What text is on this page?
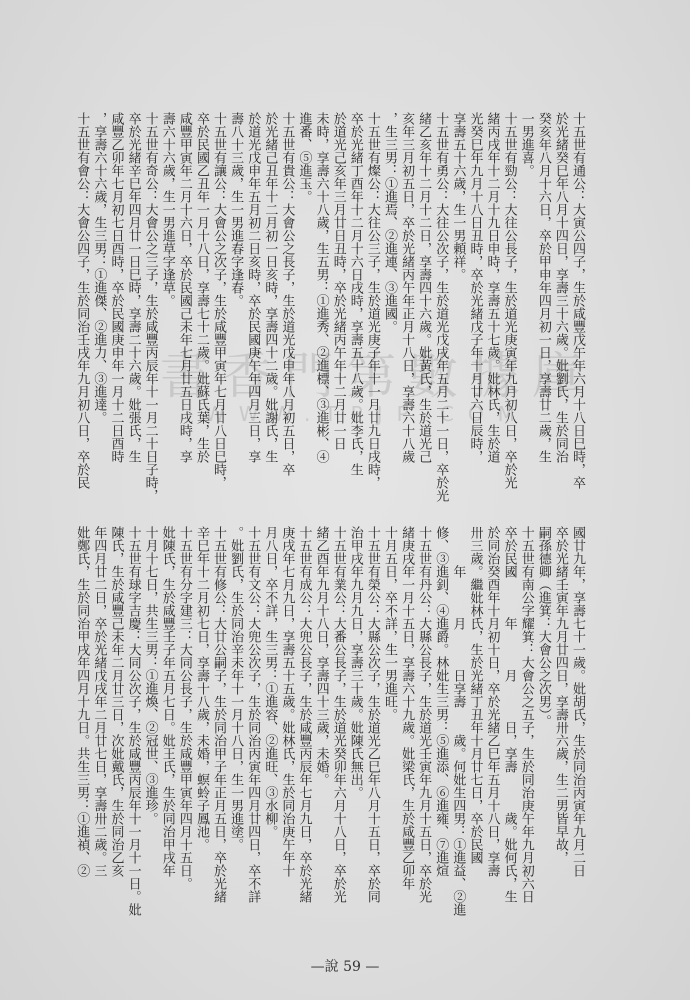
書香門第數據庫
WWW.TPJP.COM	十五世有通公：大寅公四子，生於咸豐戊午年六月十八日巳時，卒
於光緒癸巳年八月十四日，享壽三十六歲。妣劉氏，生於同治
癸亥年八月十六日，卒於甲申年四月初一日，享壽廿二歲，生
一男進喜。
十五世有勁公：大往公長子，生於道光庚寅年九月初八日，卒於光
緒丙戌年十二月十九日申時，享壽五十七歲。妣林氏，生於道
光癸巳年九月十八日丑時，卒於光緒戊子年十月廿六日辰時，
享壽五十六歲，生一男頼祥。
十五世有勇公：大往公次子，生於道光戊戌年五月二十一日，卒於光
緒乙亥年十二月十二日，享壽四十六歲。妣黃氏，生於道光己
亥年三月初五日，卒於光緒丙午年正月十八日，享壽六十八歲
，生三男：①進焉、②進連、③進國。
十五世有燦公：大往公三子，生於道光庚子年十一月廿九日戌時，
卒於光緒丁酉年十二月十六日戌時，享壽五十八歲。妣李氏，生
於道光己亥年三月廿日丑時，卒於光緒丙午年十二月廿一日
未時，享壽六十八歲，生五男：①進秀、②進標、③進彬、④
進番、⑤進玉。
十五世有貴公：大會公之長子，生於道光戊申年八月初五日，卒
於光緒己丑年十二月初一日亥時，享壽四十二歲。妣謝氏，生
於道光戊申年五月初二日亥時，卒於民國庚午年四月三日，享
壽八十三歲，生一男進春字逢春。
十五世有讓公：大會公之次子，生於咸豐甲寅年七月廿八日巳時，
卒於民國乙丑年一月十八日，享壽七十二歲。妣蘇氏葉，生於
咸豐甲寅年二月十六日，卒於民國己未年七月廿五日戌時，享
壽六十六歲，生一男進草字逢草。
十五世有奇公：大會公之三子，生於咸豐丙辰年十一月二十日子時，
卒於光緒辛巳年四月廿一日巳時，享壽二十六歲。妣張氏，生
咸豐乙卯年七月初七日酉時，卒於民國庚申年一月十二日酉時
，享壽六十六歲，生三男：①進傑、②進力、③進達。
十五世有會公：大會公四子，生於同治壬戌年九月初八日，卒於民
國廿九年，享壽七十一歲。妣胡氏，生於同治丙寅年九月二日
卒於光緒壬寅年九月廿四日，享壽卅六歲，生二男皆早故，
嗣孫德卿（進箕：大會公之次男）。
十五世有南公字耀箕：大會公之五子，生於同治庚午年九月初六日
卒於民國　　　年　　　月　　　日，享壽　　　歲。妣何氏，生
於同治癸酉年十月初十日，卒於光緒乙巳年五月十八日，享壽
卅三歲。繼妣林氏，生於光緒丁丑年十月廿七日，卒於民國
　　　年　　　月　　　日享壽　　歲。何妣生四男：①進益、②進
修、③進釗、④進爵。林妣生三男：⑤進添、⑥進雍、⑦進煊
十五世有丹公：大縣公長子，生於道光壬寅年九月十五日，卒於光
緒庚戌年一月十五日，享壽六十九歲。妣梁氏，生於咸豐乙卯年
十月五日，卒不詳，生一男進旺。
十五世有榮公：大縣公次子，生於道光乙巳年八月十五日，卒於同
治甲戌年九月九日，享壽三十歲。妣陳氏無出。
十五世有業公：大番公長子，生於道光癸卯年六月十八日，卒於光
緒乙酉年九月十八日，享壽四十三歲，未婚。
十五世有成公：大兜公長子，生於咸豐丙辰年七月九日，卒於光緒
庚戌年七月九日，享壽五十五歲。妣林氏，生於同治庚午年十
月八日，卒不詳，生三男：①進容、②進旺、③水柳。
十五世有文公：大兜公次子，生於同治丙寅年四月廿四日，卒不詳
。妣劉氏，生於同治辛未年十一月十八日，生一男進塗。
十五世有修公：大廿公嗣子，生於同治甲子年正月五日，卒於光緒
辛巳年十二月初七日，享壽十八歲，未婚，螟蛉子鳳池。
十五世有分字建三：大同公長子，生於咸豐甲寅年四月十五日。
妣陳氏，生於咸豐壬子年五月七日。妣王氏，生於同治甲戌年
十月十七日，共生三男：①進煥、②冠世、③進珍。
十五世有球字吉慶：大同公次子，生於咸豐丙辰年十一月十一日。妣
陳氏，生於咸豐己未年二月廿三日，次妣戴氏，生於同治乙亥
年四月廿二日，卒於光緒戊戌年二月廿七日，享壽卅二歲。三
妣鄭氏，生於同治甲戌年四月十九日。共生三男：①進禎、②
—說 59 —
